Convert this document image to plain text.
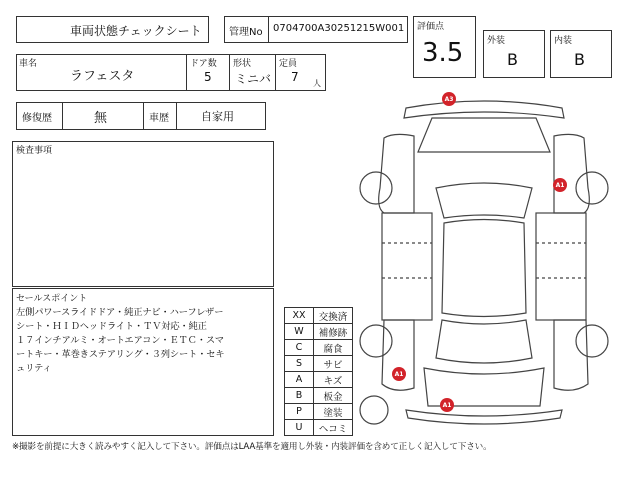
車両状態チェックシート	管理No 0704700A30251215W001 評価点
3.5	外装
B
内装
B
車名
ラフェスタ
ドア数
5
形状
ミニバ
定員
7 人
修復歴	無	車歴	自家用
検査事項
セールスポイント
左側パワースライドドア・純正ナビ・ハーフレザー
シート・ＨＩＤヘッドライト・ＴＶ対応・純正
１７インチアルミ・オートエアコン・ＥＴＣ・スマ
ートキー・革巻きステアリング・３列シート・セキ
ュリティ
XX	交換済
W	補修跡
C	腐食
S	サビ
A	キズ
B	板金
P	塗装
U	ヘコミ
A3
A1
A1
A1
※撮影を前提に大きく読みやすく記入して下さい。評価点はLAA基準を適用し外装・内装評価を含めて正しく記入して下さい。
